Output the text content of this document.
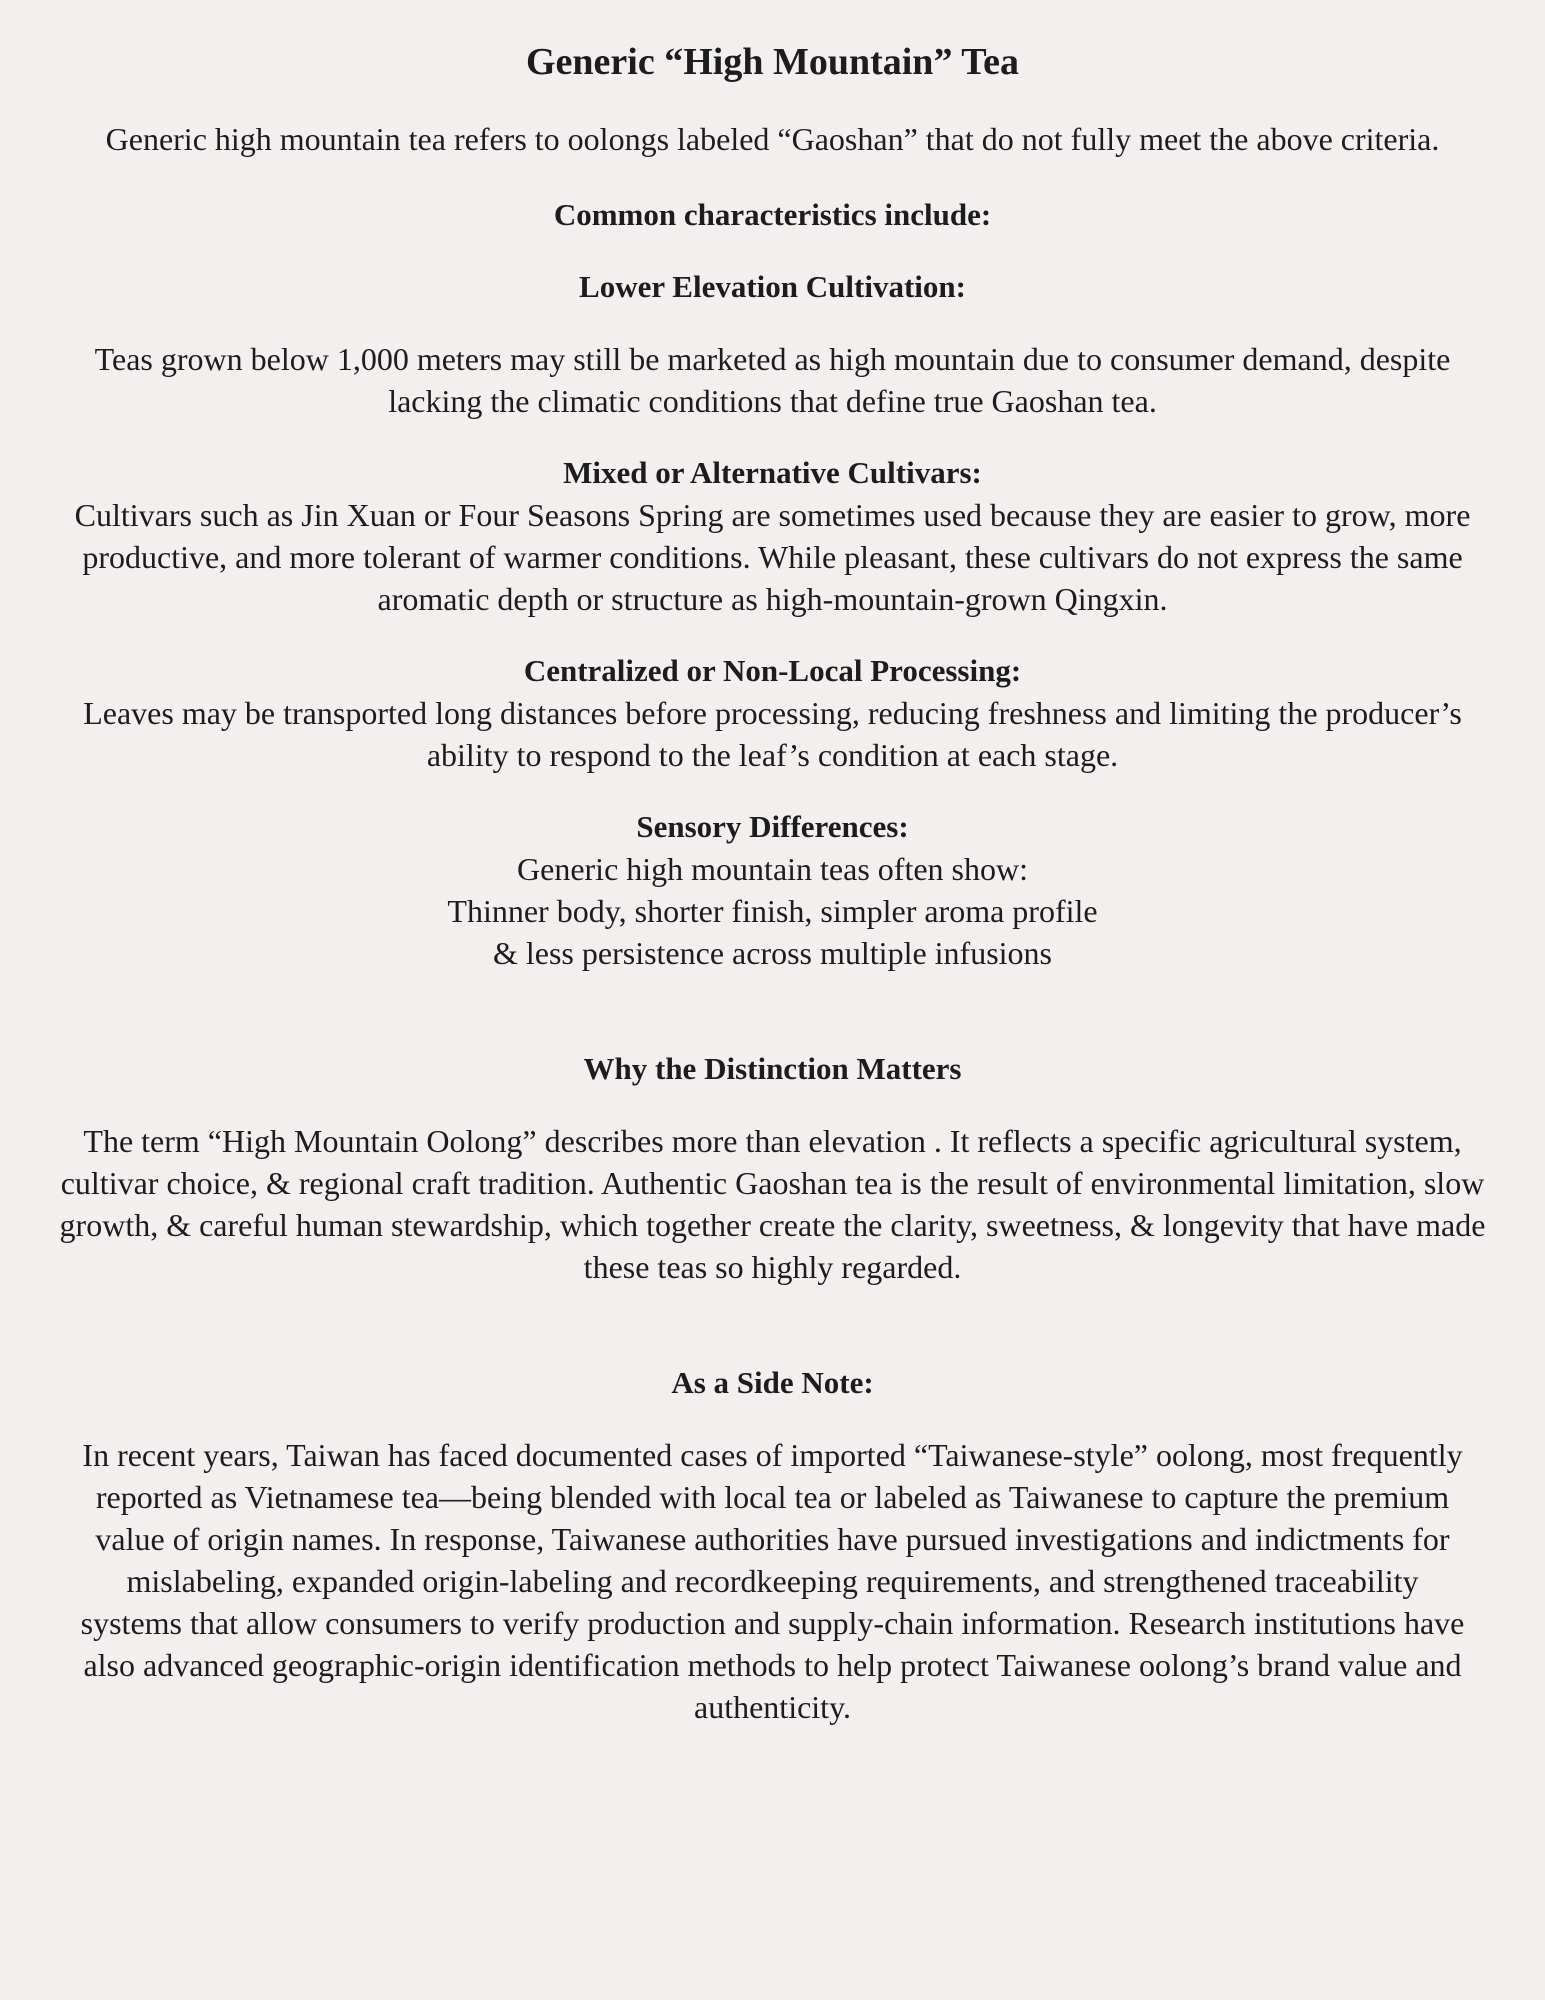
Generic “High Mountain” Tea

Generic high mountain tea refers to oolongs labeled “Gaoshan” that do not fully meet the above criteria.

Common characteristics include:

Lower Elevation Cultivation:

Teas grown below 1,000 meters may still be marketed as high mountain due to consumer demand, despite lacking the climatic conditions that define true Gaoshan tea.

Mixed or Alternative Cultivars:

Cultivars such as Jin Xuan or Four Seasons Spring are sometimes used because they are easier to grow, more productive, and more tolerant of warmer conditions. While pleasant, these cultivars do not express the same aromatic depth or structure as high-mountain-grown Qingxin.

Centralized or Non-Local Processing:

Leaves may be transported long distances before processing, reducing freshness and limiting the producer’s ability to respond to the leaf’s condition at each stage.

Sensory Differences:

Generic high mountain teas often show:

Thinner body, shorter finish, simpler aroma profile

& less persistence across multiple infusions

Why the Distinction Matters

The term “High Mountain Oolong” describes more than elevation . It reflects a specific agricultural system, cultivar choice, & regional craft tradition. Authentic Gaoshan tea is the result of environmental limitation, slow growth, & careful human stewardship, which together create the clarity, sweetness, & longevity that have made these teas so highly regarded.

As a Side Note:

In recent years, Taiwan has faced documented cases of imported “Taiwanese-style” oolong, most frequently reported as Vietnamese tea—being blended with local tea or labeled as Taiwanese to capture the premium value of origin names. In response, Taiwanese authorities have pursued investigations and indictments for mislabeling, expanded origin-labeling and recordkeeping requirements, and strengthened traceability systems that allow consumers to verify production and supply-chain information. Research institutions have also advanced geographic-origin identification methods to help protect Taiwanese oolong’s brand value and authenticity.
